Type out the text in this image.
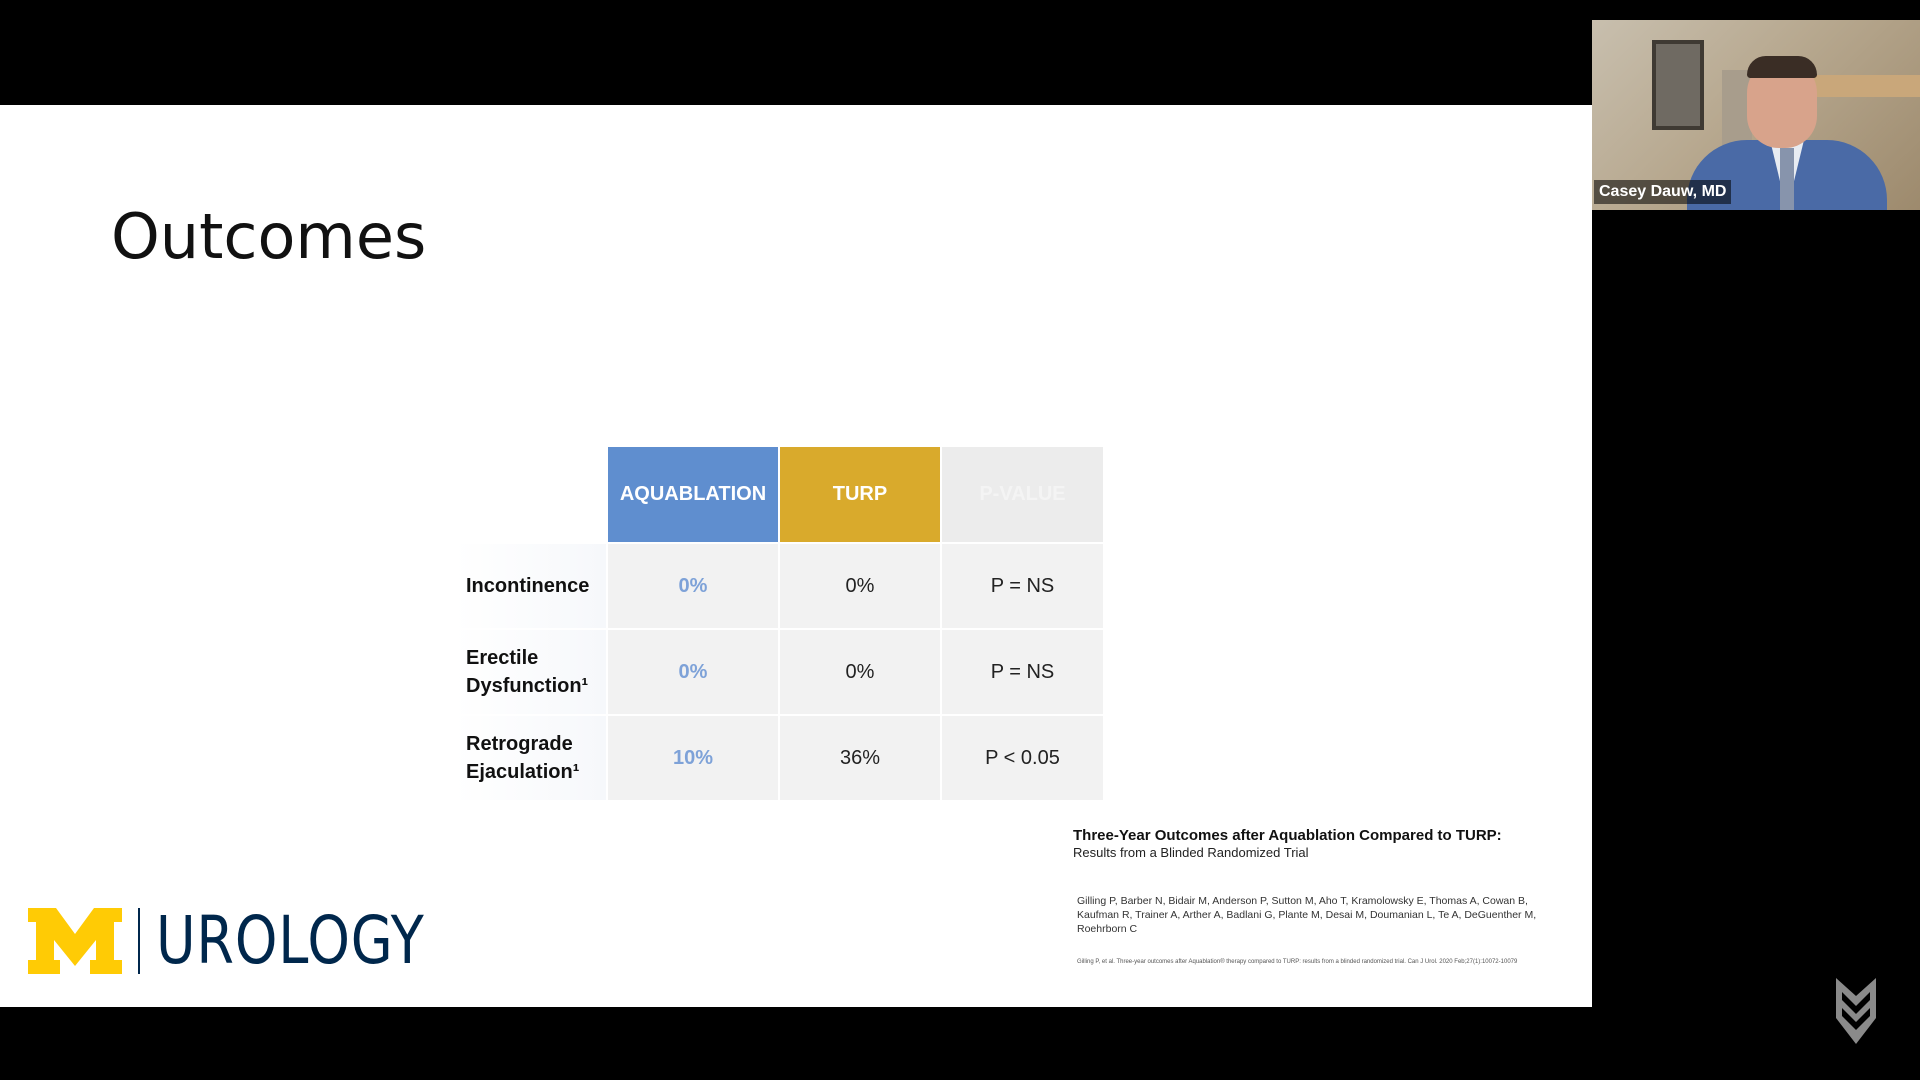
Outcomes
AQUABLATION	TURP	P-VALUE
Incontinence	0%	0%	P = NS
Erectile
Dysfunction¹
0%	0%	P = NS
Retrograde
Ejaculation¹
10%	36%	P < 0.05
Three-Year Outcomes after Aquablation Compared to TURP:
Results from a Blinded Randomized Trial
Gilling P, Barber N, Bidair M, Anderson P, Sutton M, Aho T, Kramolowsky E, Thomas A, Cowan B, Kaufman R, Trainer A, Arther A, Badlani G, Plante M, Desai M, Doumanian L, Te A, DeGuenther M, Roehrborn C
Gilling P, et al. Three-year outcomes after Aquablation® therapy compared to TURP: results from a blinded randomized trial. Can J Urol. 2020 Feb;27(1):10072-10079
UROLOGY
Casey Dauw, MD
